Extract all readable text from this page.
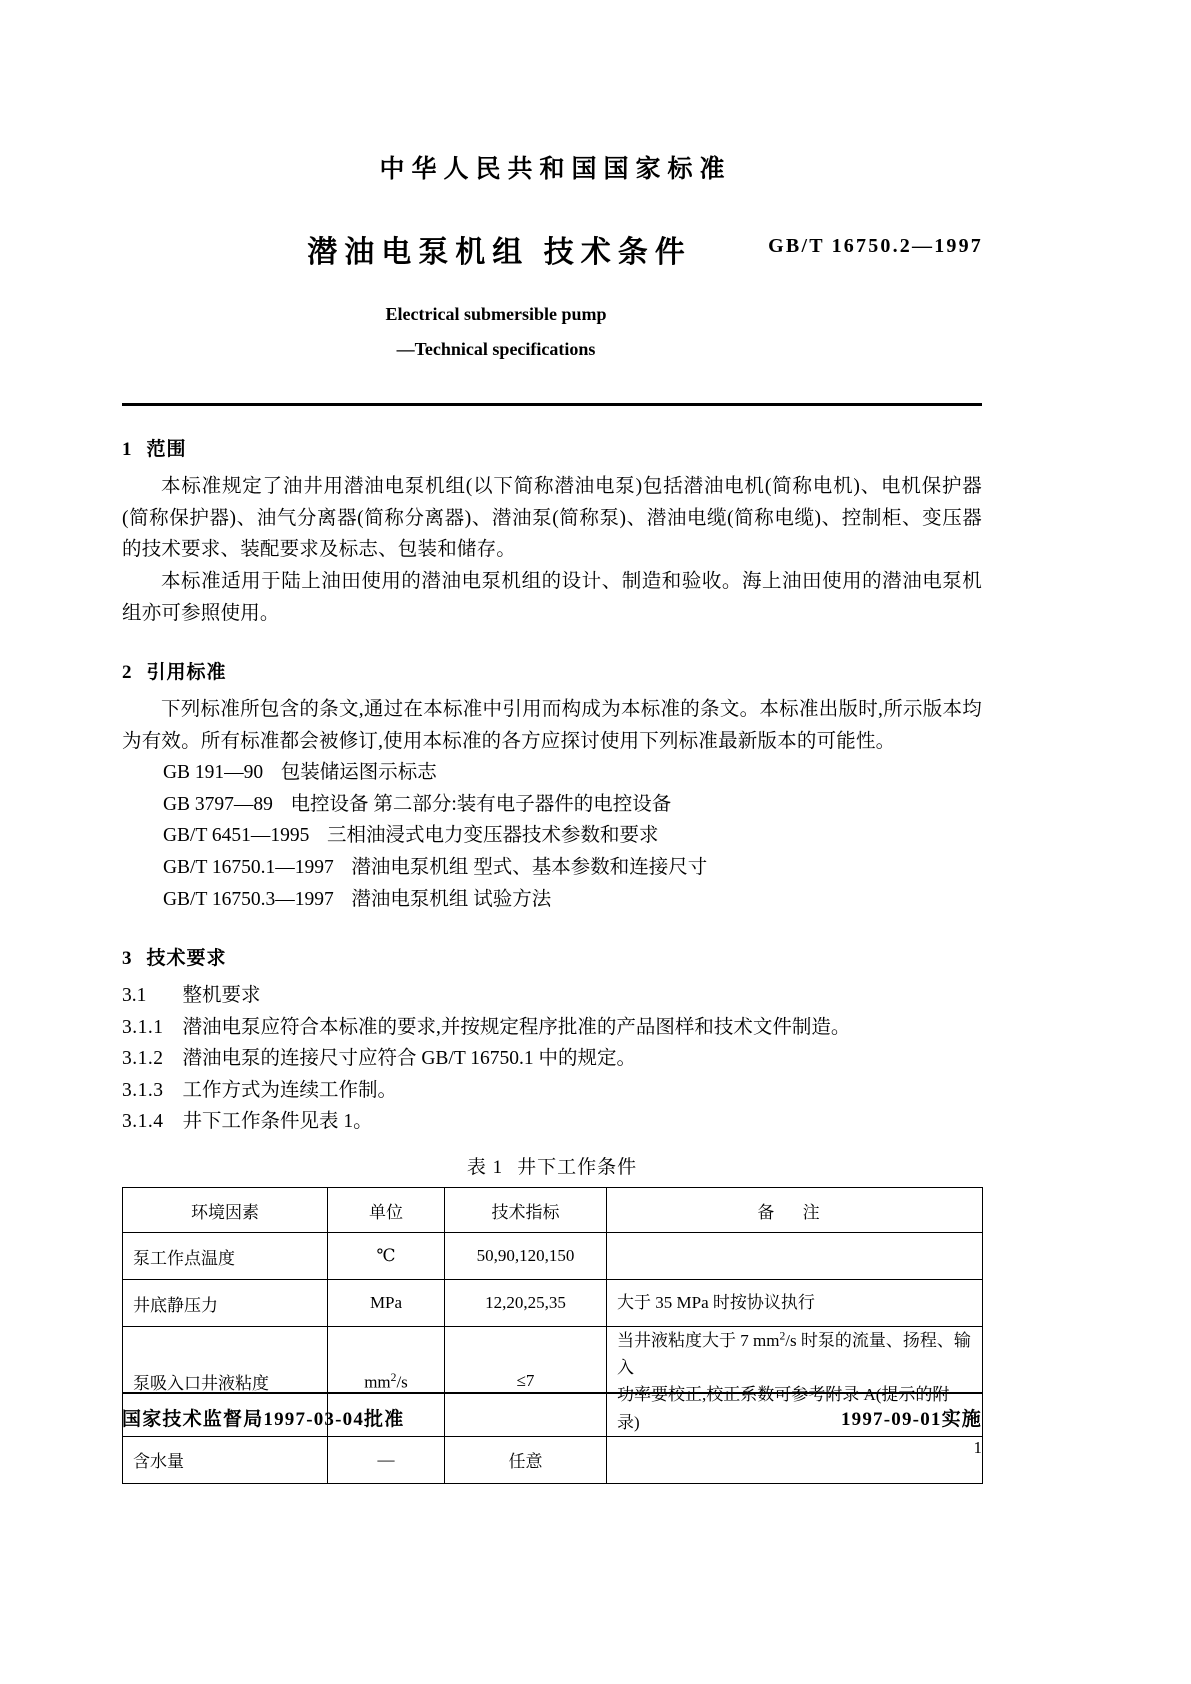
中华人民共和国国家标准
潜油电泵机组 技术条件	GB/T 16750.2—1997
Electrical submersible pump
—Technical specifications
1 范围

本标准规定了油井用潜油电泵机组(以下简称潜油电泵)包括潜油电机(简称电机)、电机保护器(简称保护器)、油气分离器(简称分离器)、潜油泵(简称泵)、潜油电缆(简称电缆)、控制柜、变压器的技术要求、装配要求及标志、包装和储存。

本标准适用于陆上油田使用的潜油电泵机组的设计、制造和验收。海上油田使用的潜油电泵机组亦可参照使用。

2 引用标准

下列标准所包含的条文,通过在本标准中引用而构成为本标准的条文。本标准出版时,所示版本均为有效。所有标准都会被修订,使用本标准的各方应探讨使用下列标准最新版本的可能性。

GB 191—90 包装储运图示标志
GB 3797—89 电控设备 第二部分:装有电子器件的电控设备
GB/T 6451—1995 三相油浸式电力变压器技术参数和要求
GB/T 16750.1—1997 潜油电泵机组 型式、基本参数和连接尺寸
GB/T 16750.3—1997 潜油电泵机组 试验方法
3 技术要求
3.1 整机要求
3.1.1 潜油电泵应符合本标准的要求,并按规定程序批准的产品图样和技术文件制造。
3.1.2 潜油电泵的连接尺寸应符合 GB/T 16750.1 中的规定。
3.1.3 工作方式为连续工作制。
3.1.4 井下工作条件见表 1。
表 1 井下工作条件
环境因素	单位	技术指标	备 注
泵工作点温度	℃	50,90,120,150	
井底静压力	MPa	12,20,25,35	大于 35 MPa 时按协议执行
泵吸入口井液粘度	$mm^2/s$	≤7	当井液粘度大于 7 $mm^2/s$ 时泵的流量、扬程、输入
功率要校正,校正系数可参考附录 A(提示的附录)

含水量	—	任意	
国家技术监督局1997-03-04批准	1997-09-01实施
1
